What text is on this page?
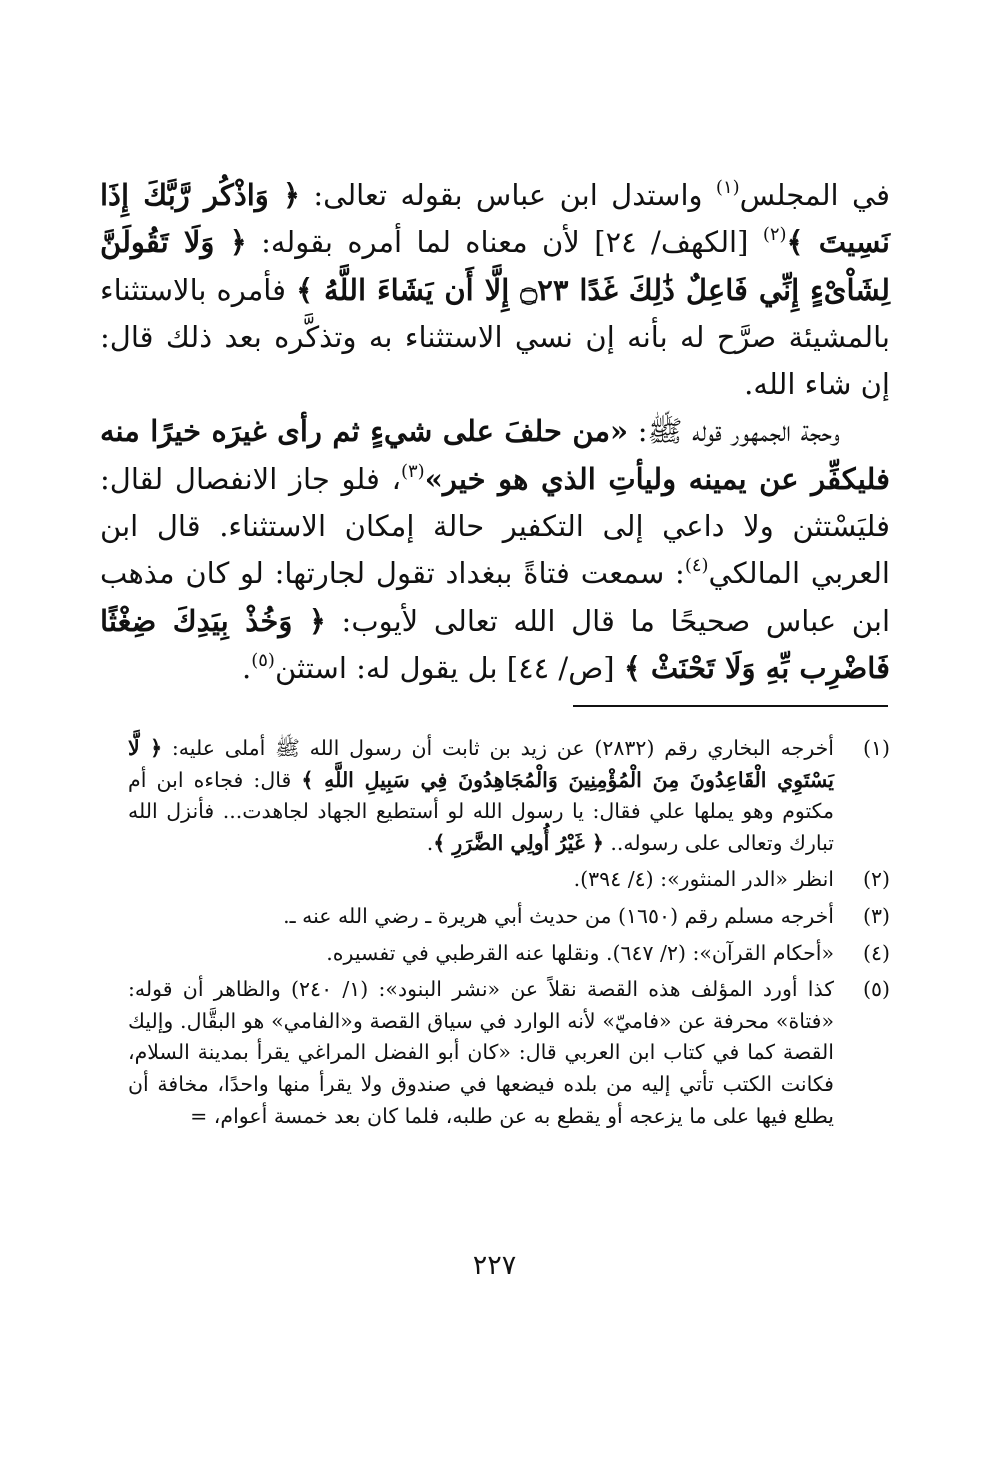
في المجلس$^{(١)}$ واستدل ابن عباس بقوله تعالى: ﴿ وَاذْكُر رَّبَّكَ إِذَا نَسِيتَ ﴾$^{(٢)}$ [الكهف/ ٢٤] لأن معناه لما أمره بقوله: ﴿ وَلَا تَقُولَنَّ لِشَاْىْءٍ إِنِّي فَاعِلٌ ذَٰلِكَ غَدًا ۝٢٣ إِلَّا أَن يَشَاءَ اللَّهُ ﴾ فأمره بالاستثناء بالمشيئة صرَّح له بأنه إن نسي الاستثناء به وتذكَّره بعد ذلك قال: إن شاء الله.

وحجة الجمهور قوله ﷺ: «من حلفَ على شيءٍ ثم رأى غيرَه خيرًا منه فليكفِّر عن يمينه وليأتِ الذي هو خير»$^{(٣)}$، فلو جاز الانفصال لقال: فليَسْتثن ولا داعي إلى التكفير حالة إمكان الاستثناء. قال ابن العربي المالكي$^{(٤)}$: سمعت فتاةً ببغداد تقول لجارتها: لو كان مذهب ابن عباس صحيحًا ما قال الله تعالى لأيوب: ﴿ وَخُذْ بِيَدِكَ ضِغْثًا فَاضْرِب بِّهِ وَلَا تَحْنَثْ ﴾ [ص/ ٤٤] بل يقول له: استثن$^{(٥)}$.

(١)
أخرجه البخاري رقم (٢٨٣٢) عن زيد بن ثابت أن رسول الله ﷺ أملى عليه: ﴿ لَّا يَسْتَوِي الْقَاعِدُونَ مِنَ الْمُؤْمِنِينَ وَالْمُجَاهِدُونَ فِي سَبِيلِ اللَّهِ ﴾ قال: فجاءه ابن أم مكتوم وهو يملها علي فقال: يا رسول الله لو أستطيع الجهاد لجاهدت... فأنزل الله تبارك وتعالى على رسوله.. ﴿ غَيْرُ أُولِي الضَّرَرِ ﴾.
(٢)
انظر «الدر المنثور»: (٤/ ٣٩٤).
(٣)
أخرجه مسلم رقم (١٦٥٠) من حديث أبي هريرة ـ رضي الله عنه ـ.
(٤)
«أحكام القرآن»: (٢/ ٦٤٧). ونقلها عنه القرطبي في تفسيره.
(٥)
كذا أورد المؤلف هذه القصة نقلاً عن «نشر البنود»: (١/ ٢٤٠) والظاهر أن قوله: «فتاة» محرفة عن «فاميّ» لأنه الوارد في سياق القصة و«الفامي» هو البقَّال. وإليك القصة كما في كتاب ابن العربي قال: «كان أبو الفضل المراغي يقرأ بمدينة السلام، فكانت الكتب تأتي إليه من بلده فيضعها في صندوق ولا يقرأ منها واحدًا، مخافة أن يطلع فيها على ما يزعجه أو يقطع به عن طلبه، فلما كان بعد خمسة أعوام، =
٢٢٧
